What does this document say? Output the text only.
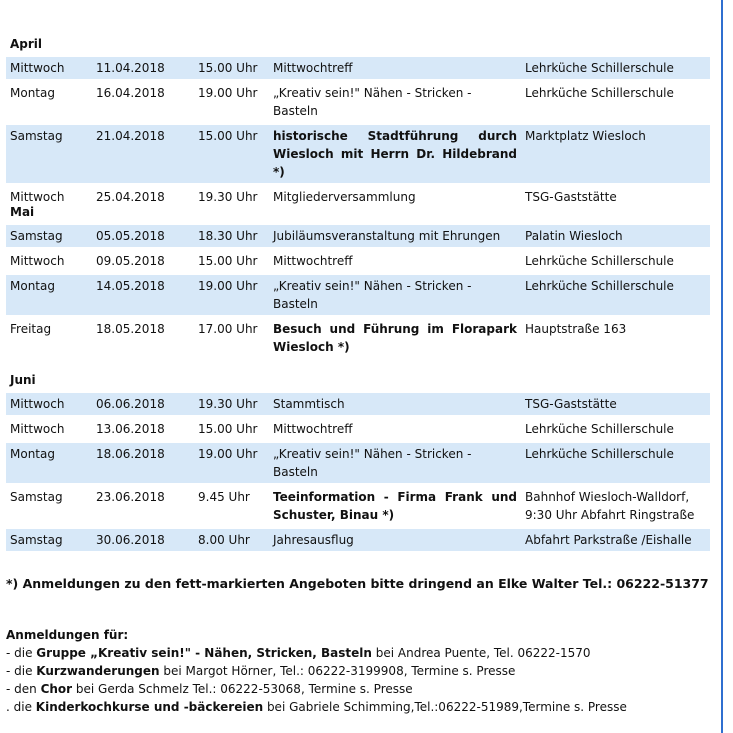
April
Mittwoch	11.04.2018	15.00 Uhr	Mittwochtreff	Lehrküche Schillerschule
Montag	16.04.2018	19.00 Uhr	„Kreativ sein!" Nähen - Stricken - Basteln	Lehrküche Schillerschule
Samstag	21.04.2018	15.00 Uhr	historische Stadtführung durch Wiesloch mit Herrn Dr. Hildebrand *)	Marktplatz Wiesloch
Mittwoch	25.04.2018	19.30 Uhr	Mitgliederversammlung	TSG-Gaststätte
Mai
Samstag	05.05.2018	18.30 Uhr	Jubiläumsveranstaltung mit Ehrungen	Palatin Wiesloch
Mittwoch	09.05.2018	15.00 Uhr	Mittwochtreff	Lehrküche Schillerschule
Montag	14.05.2018	19.00 Uhr	„Kreativ sein!" Nähen - Stricken - Basteln	Lehrküche Schillerschule
Freitag	18.05.2018	17.00 Uhr	Besuch und Führung im Florapark Wiesloch *)	Hauptstraße 163
Juni
Mittwoch	06.06.2018	19.30 Uhr	Stammtisch	TSG-Gaststätte
Mittwoch	13.06.2018	15.00 Uhr	Mittwochtreff	Lehrküche Schillerschule
Montag	18.06.2018	19.00 Uhr	„Kreativ sein!" Nähen - Stricken - Basteln	Lehrküche Schillerschule
Samstag	23.06.2018	9.45 Uhr	Teeinformation - Firma Frank und Schuster, Binau *)	Bahnhof Wiesloch-Walldorf, 9:30 Uhr Abfahrt Ringstraße
Samstag	30.06.2018	8.00 Uhr	Jahresausflug	Abfahrt Parkstraße /Eishalle
*) Anmeldungen zu den fett-markierten Angeboten bitte dringend an Elke Walter Tel.: 06222-51377
Anmeldungen für:
- die Gruppe „Kreativ sein!" - Nähen, Stricken, Basteln bei Andrea Puente, Tel. 06222-1570
- die Kurzwanderungen bei Margot Hörner, Tel.: 06222-3199908, Termine s. Presse
- den Chor bei Gerda Schmelz Tel.: 06222-53068, Termine s. Presse
. die Kinderkochkurse und -bäckereien bei Gabriele Schimming,Tel.:06222-51989,Termine s. Presse
